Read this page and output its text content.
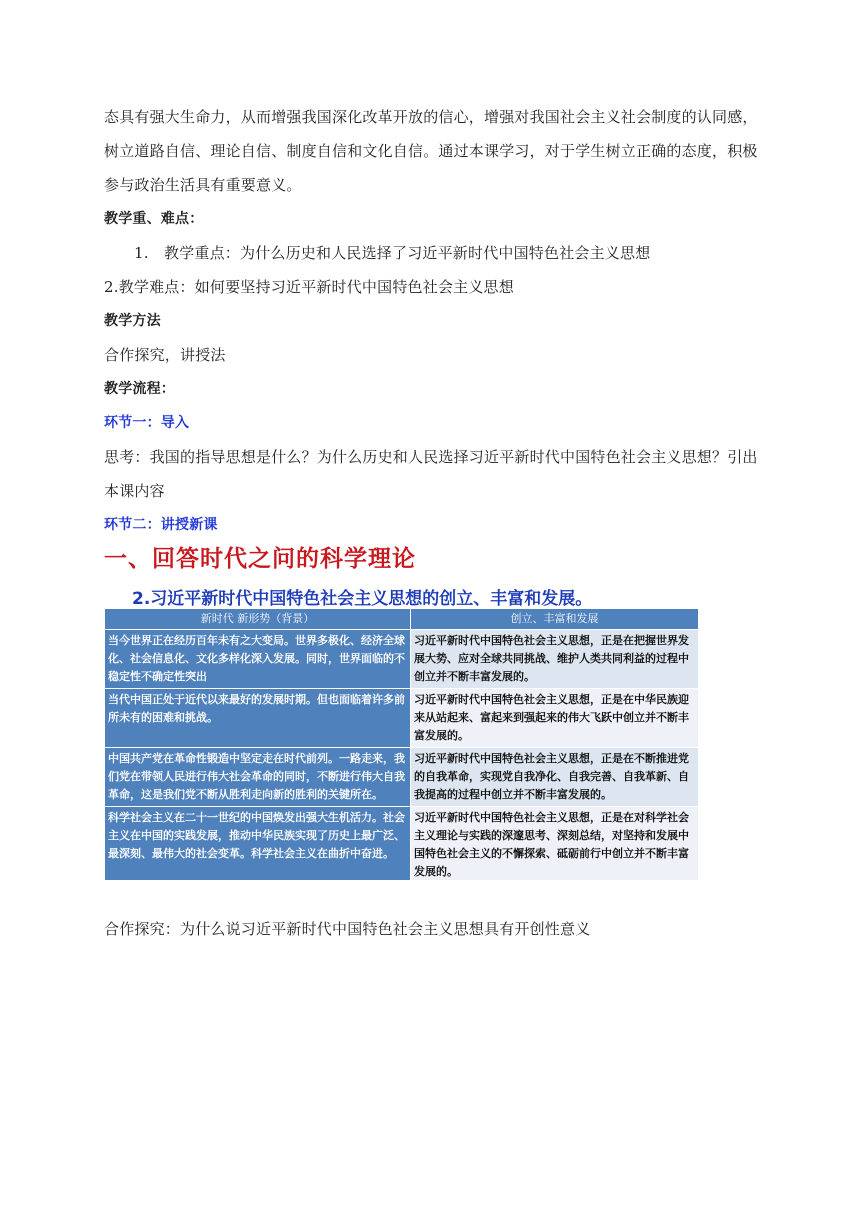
态具有强大生命力，从而增强我国深化改革开放的信心，增强对我国社会主义社会制度的认同感，

树立道路自信、理论自信、制度自信和文化自信。通过本课学习，对于学生树立正确的态度，积极

参与政治生活具有重要意义。

教学重、难点：

1. 教学重点：为什么历史和人民选择了习近平新时代中国特色社会主义思想

2.教学难点：如何要坚持习近平新时代中国特色社会主义思想

教学方法

合作探究，讲授法

教学流程：

环节一：导入

思考：我国的指导思想是什么？为什么历史和人民选择习近平新时代中国特色社会主义思想？引出

本课内容

环节二：讲授新课

一、回答时代之问的科学理论
2.习近平新时代中国特色社会主义思想的创立、丰富和发展。
新时代 新形势（背景）	创立、丰富和发展
当今世界正在经历百年未有之大变局。世界多极化、经济全球化、社会信息化、文化多样化深入发展。同时，世界面临的不稳定性不确定性突出	习近平新时代中国特色社会主义思想，正是在把握世界发展大势、应对全球共同挑战、维护人类共同利益的过程中创立并不断丰富发展的。
当代中国正处于近代以来最好的发展时期。但也面临着许多前所未有的困难和挑战。	习近平新时代中国特色社会主义思想，正是在中华民族迎来从站起来、富起来到强起来的伟大飞跃中创立并不断丰富发展的。
中国共产党在革命性锻造中坚定走在时代前列。一路走来，我们党在带领人民进行伟大社会革命的同时，不断进行伟大自我革命，这是我们党不断从胜利走向新的胜利的关键所在。	习近平新时代中国特色社会主义思想，正是在不断推进党的自我革命，实现党自我净化、自我完善、自我革新、自我提高的过程中创立并不断丰富发展的。
科学社会主义在二十一世纪的中国焕发出强大生机活力。社会主义在中国的实践发展，推动中华民族实现了历史上最广泛、最深刻、最伟大的社会变革。科学社会主义在曲折中奋进。	习近平新时代中国特色社会主义思想，正是在对科学社会主义理论与实践的深邃思考、深刻总结，对坚持和发展中国特色社会主义的不懈探索、砥砺前行中创立并不断丰富发展的。

合作探究：为什么说习近平新时代中国特色社会主义思想具有开创性意义
